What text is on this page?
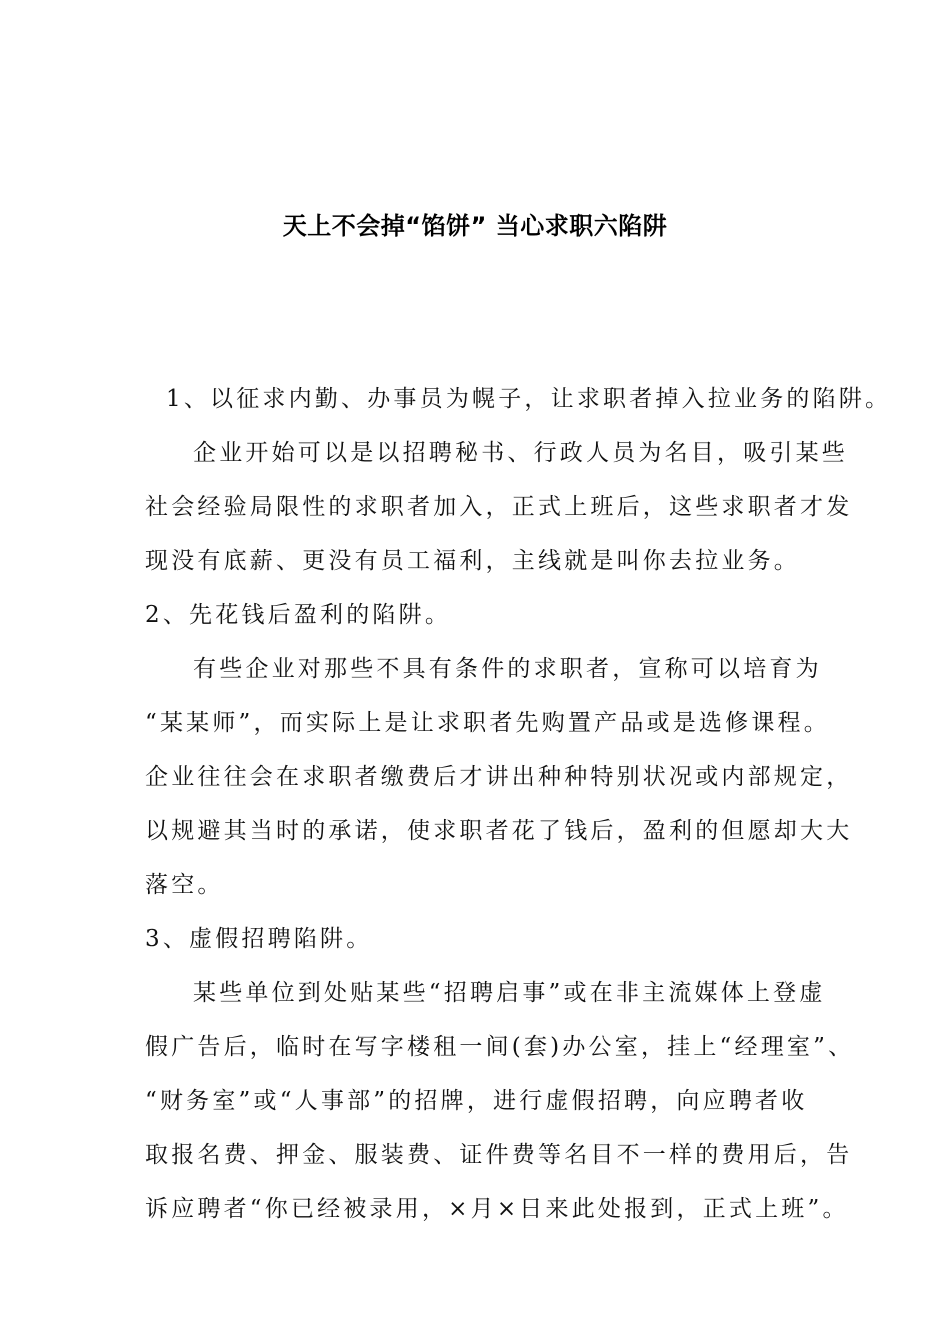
天上不会掉“馅饼” 当心求职六陷阱
1、以征求内勤、办事员为幌子，让求职者掉入拉业务的陷阱。
企业开始可以是以招聘秘书、行政人员为名目，吸引某些
社会经验局限性的求职者加入，正式上班后，这些求职者才发
现没有底薪、更没有员工福利，主线就是叫你去拉业务。
2、先花钱后盈利的陷阱。
有些企业对那些不具有条件的求职者，宣称可以培育为
“某某师”，而实际上是让求职者先购置产品或是选修课程。
企业往往会在求职者缴费后才讲出种种特别状况或内部规定，
以规避其当时的承诺，使求职者花了钱后，盈利的但愿却大大
落空。
3、虚假招聘陷阱。
某些单位到处贴某些“招聘启事”或在非主流媒体上登虚
假广告后，临时在写字楼租一间(套)办公室，挂上“经理室”、
“财务室”或“人事部”的招牌，进行虚假招聘，向应聘者收
取报名费、押金、服装费、证件费等名目不一样的费用后，告
诉应聘者“你已经被录用，×月×日来此处报到，正式上班”。
